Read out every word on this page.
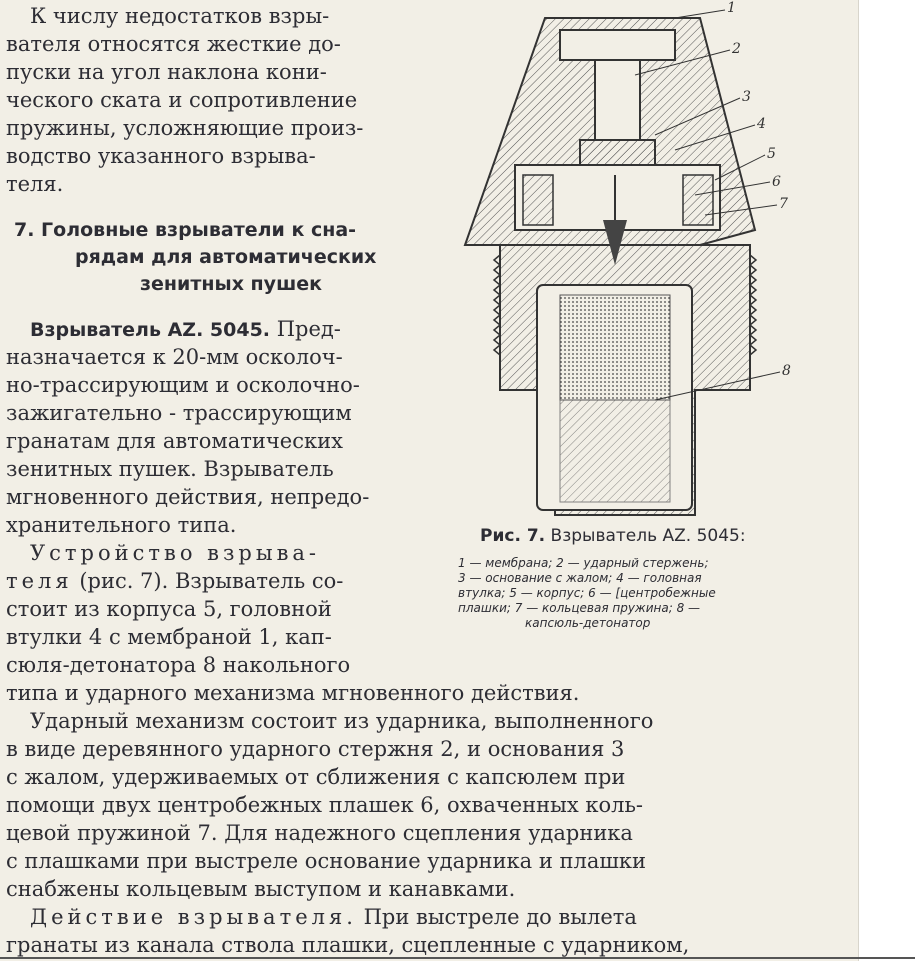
К числу недостатков взры-
вателя относятся жесткие до-
пуски на угол наклона кони-
ческого ската и сопротивление
пружины, усложняющие произ-
водство указанного взрыва-
теля.
7. Головные взрыватели к сна-
рядам для автоматических
зенитных пушек
Взрыватель AZ. 5045. Пред-
назначается к 20-мм осколоч-
но-трассирующим и осколочно-
зажигательно - трассирующим
гранатам для автоматических
зенитных пушек. Взрыватель
мгновенного действия, непредо-
хранительного типа.
Устройство взрыва-
теля (рис. 7). Взрыватель со-
стоит из корпуса 5, головной
втулки 4 с мембраной 1, кап-
сюля-детонатора 8 накольного
типа и ударного механизма мгновенного действия.
Ударный механизм состоит из ударника, выполненного
в виде деревянного ударного стержня 2, и основания 3
с жалом, удерживаемых от сближения с капсюлем при
помощи двух центробежных плашек 6, охваченных коль-
цевой пружиной 7. Для надежного сцепления ударника
с плашками при выстреле основание ударника и плашки
снабжены кольцевым выступом и канавками.
Действие взрывателя. При выстреле до вылета
гранаты из канала ствола плашки, сцепленные с ударником,
1
2
3
4
5
6
7
8
Рис. 7. Взрыватель AZ. 5045:
1 — мембрана; 2 — ударный стержень;
3 — основание с жалом; 4 — головная
втулка; 5 — корпус; 6 — [центробежные
плашки; 7 — кольцевая пружина; 8 —
капсюль-детонатор
